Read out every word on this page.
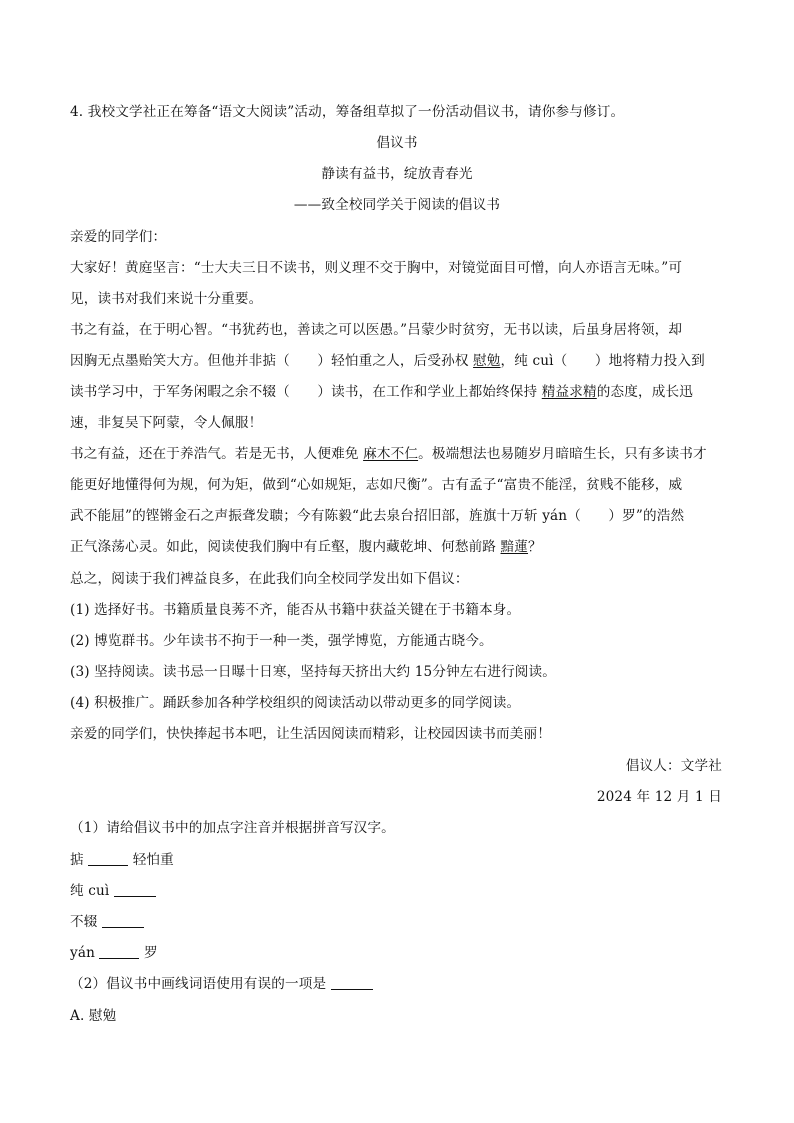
4. 我校文学社正在筹备“语文大阅读”活动，筹备组草拟了一份活动倡议书，请你参与修订。
倡议书
静读有益书，绽放青春光
——致全校同学关于阅读的倡议书
亲爱的同学们：
大家好！黄庭坚言：“士大夫三日不读书，则义理不交于胸中，对镜觉面目可憎，向人亦语言无味。”可
见，读书对我们来说十分重要。
书之有益，在于明心智。“书犹药也，善读之可以医愚。”吕蒙少时贫穷，无书以读，后虽身居将领，却
因胸无点墨贻笑大方。但他并非掂（　　）轻怕重之人，后受孙权 慰勉，纯 cuì（　　）地将精力投入到
读书学习中，于军务闲暇之余不辍（　　）读书，在工作和学业上都始终保持 精益求精的态度，成长迅
速，非复吴下阿蒙，令人佩服！
书之有益，还在于养浩气。若是无书，人便难免 麻木不仁。极端想法也易随岁月暗暗生长，只有多读书才
能更好地懂得何为规，何为矩，做到“心如规矩，志如尺衡”。古有孟子“富贵不能淫，贫贱不能移，威
武不能屈”的铿锵金石之声振聋发聩；今有陈毅“此去泉台招旧部，旌旗十万斩 yán（　　）罗”的浩然
正气涤荡心灵。如此，阅读使我们胸中有丘壑，腹内藏乾坤、何愁前路 黯蓮？
总之，阅读于我们裨益良多，在此我们向全校同学发出如下倡议：
(1) 选择好书。书籍质量良莠不齐，能否从书籍中获益关键在于书籍本身。
(2) 博览群书。少年读书不拘于一种一类，强学博览，方能通古晓今。
(3) 坚持阅读。读书忌一日曝十日寒，坚持每天挤出大约 15分钟左右进行阅读。
(4) 积极推广。踊跃参加各种学校组织的阅读活动以带动更多的同学阅读。
亲爱的同学们，快快捧起书本吧，让生活因阅读而精彩，让校园因读书而美丽！
倡议人：文学社
2024 年 12 月 1 日
（1）请给倡议书中的加点字注音并根据拼音写汉字。
掂	轻怕重
纯 cuì
不辍
yán	罗
（2）倡议书中画线词语使用有误的一项是
A. 慰勉
